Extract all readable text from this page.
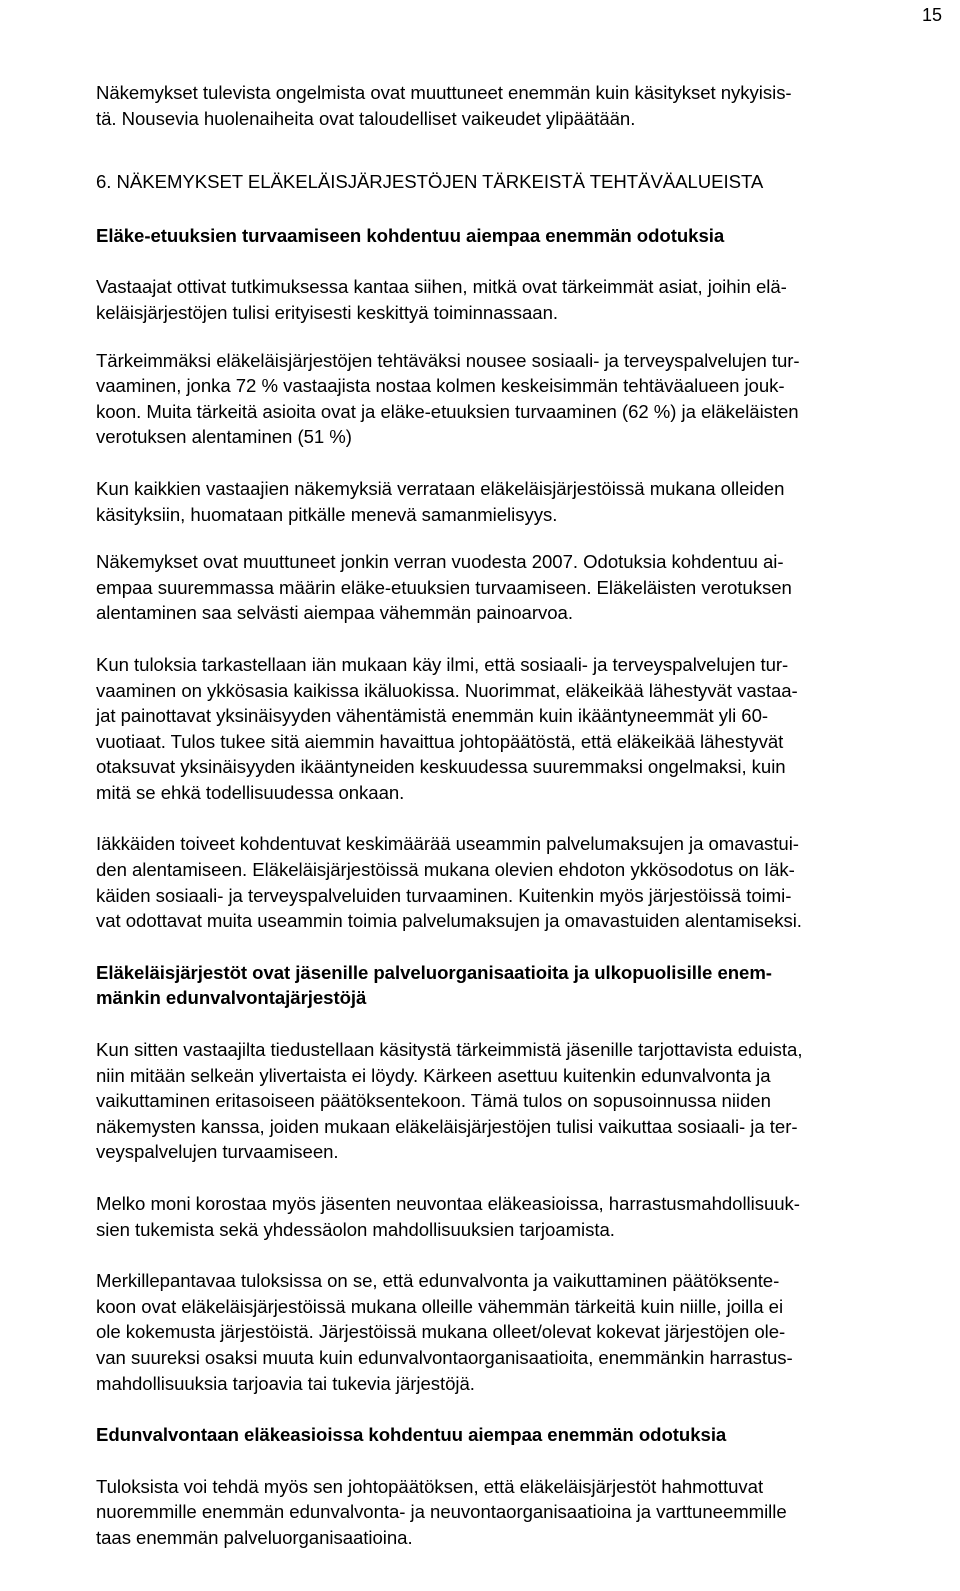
15
Näkemykset tulevista ongelmista ovat muuttuneet enemmän kuin käsitykset nykyisis-
tä. Nousevia huolenaiheita ovat taloudelliset vaikeudet ylipäätään.
6. NÄKEMYKSET ELÄKELÄISJÄRJESTÖJEN TÄRKEISTÄ TEHTÄVÄALUEISTA
Eläke-etuuksien turvaamiseen kohdentuu aiempaa enemmän odotuksia
Vastaajat ottivat tutkimuksessa kantaa siihen, mitkä ovat tärkeimmät asiat, joihin elä-
keläisjärjestöjen tulisi erityisesti keskittyä toiminnassaan.
Tärkeimmäksi eläkeläisjärjestöjen tehtäväksi nousee sosiaali- ja terveyspalvelujen tur-
vaaminen, jonka 72 % vastaajista nostaa kolmen keskeisimmän tehtäväalueen jouk-
koon. Muita tärkeitä asioita ovat ja eläke-etuuksien turvaaminen (62 %) ja eläkeläisten
verotuksen alentaminen (51 %)
Kun kaikkien vastaajien näkemyksiä verrataan eläkeläisjärjestöissä mukana olleiden
käsityksiin, huomataan pitkälle menevä samanmielisyys.
Näkemykset ovat muuttuneet jonkin verran vuodesta 2007. Odotuksia kohdentuu ai-
empaa suuremmassa määrin eläke-etuuksien turvaamiseen. Eläkeläisten verotuksen
alentaminen saa selvästi aiempaa vähemmän painoarvoa.
Kun tuloksia tarkastellaan iän mukaan käy ilmi, että sosiaali- ja terveyspalvelujen tur-
vaaminen on ykkösasia kaikissa ikäluokissa. Nuorimmat, eläkeikää lähestyvät vastaa-
jat painottavat yksinäisyyden vähentämistä enemmän kuin ikääntyneemmät yli 60-
vuotiaat. Tulos tukee sitä aiemmin havaittua johtopäätöstä, että eläkeikää lähestyvät
otaksuvat yksinäisyyden ikääntyneiden keskuudessa suuremmaksi ongelmaksi, kuin
mitä se ehkä todellisuudessa onkaan.
Iäkkäiden toiveet kohdentuvat keskimäärää useammin palvelumaksujen ja omavastui-
den alentamiseen. Eläkeläisjärjestöissä mukana olevien ehdoton ykkösodotus on Iäk-
käiden sosiaali- ja terveyspalveluiden turvaaminen. Kuitenkin myös järjestöissä toimi-
vat odottavat muita useammin toimia palvelumaksujen ja omavastuiden alentamiseksi.
Eläkeläisjärjestöt ovat jäsenille palveluorganisaatioita ja ulkopuolisille enem-
mänkin edunvalvontajärjestöjä
Kun sitten vastaajilta tiedustellaan käsitystä tärkeimmistä jäsenille tarjottavista eduista,
niin mitään selkeän ylivertaista ei löydy. Kärkeen asettuu kuitenkin edunvalvonta ja
vaikuttaminen eritasoiseen päätöksentekoon. Tämä tulos on sopusoinnussa niiden
näkemysten kanssa, joiden mukaan eläkeläisjärjestöjen tulisi vaikuttaa sosiaali- ja ter-
veyspalvelujen turvaamiseen.
Melko moni korostaa myös jäsenten neuvontaa eläkeasioissa, harrastusmahdollisuuk-
sien tukemista sekä yhdessäolon mahdollisuuksien tarjoamista.
Merkillepantavaa tuloksissa on se, että edunvalvonta ja vaikuttaminen päätöksente-
koon ovat eläkeläisjärjestöissä mukana olleille vähemmän tärkeitä kuin niille, joilla ei
ole kokemusta järjestöistä. Järjestöissä mukana olleet/olevat kokevat järjestöjen ole-
van suureksi osaksi muuta kuin edunvalvontaorganisaatioita, enemmänkin harrastus-
mahdollisuuksia tarjoavia tai tukevia järjestöjä.
Edunvalvontaan eläkeasioissa kohdentuu aiempaa enemmän odotuksia
Tuloksista voi tehdä myös sen johtopäätöksen, että eläkeläisjärjestöt hahmottuvat
nuoremmille enemmän edunvalvonta- ja neuvontaorganisaatioina ja varttuneemmille
taas enemmän palveluorganisaatioina.
